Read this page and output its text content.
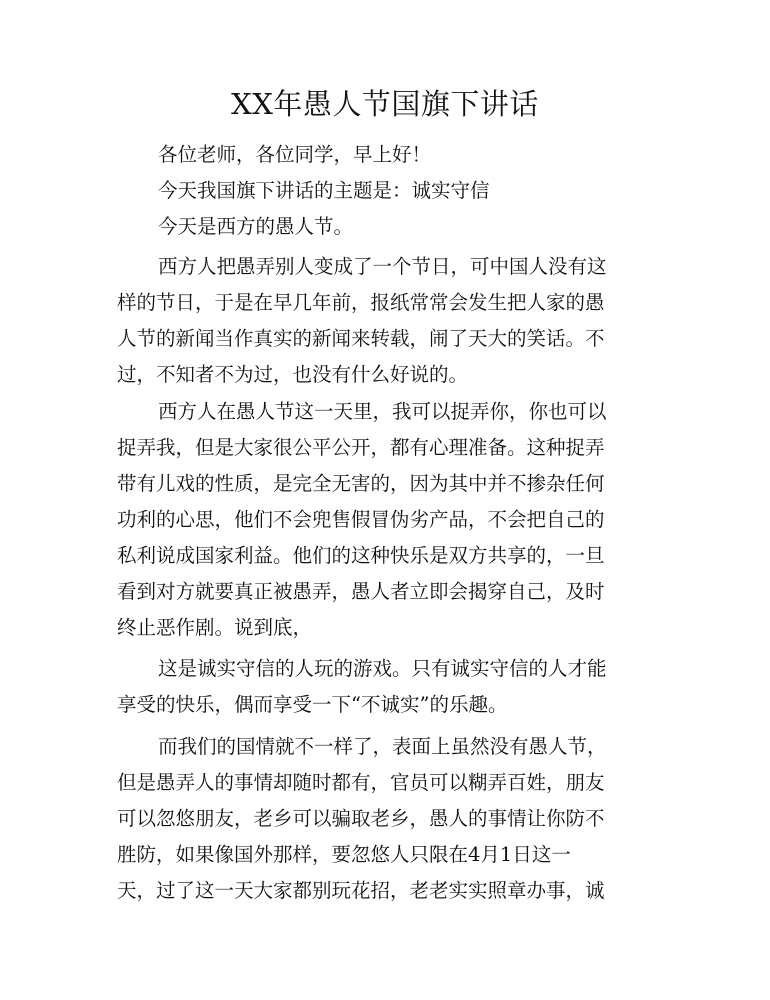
XX年愚人节国旗下讲话

各位老师，各位同学，早上好！

今天我国旗下讲话的主题是：诚实守信

今天是西方的愚人节。

西方人把愚弄别人变成了一个节日，可中国人没有这

样的节日，于是在早几年前，报纸常常会发生把人家的愚

人节的新闻当作真实的新闻来转载，闹了天大的笑话。不

过，不知者不为过，也没有什么好说的。

西方人在愚人节这一天里，我可以捉弄你，你也可以

捉弄我，但是大家很公平公开，都有心理准备。这种捉弄

带有儿戏的性质，是完全无害的，因为其中并不掺杂任何

功利的心思，他们不会兜售假冒伪劣产品，不会把自己的

私利说成国家利益。他们的这种快乐是双方共享的，一旦

看到对方就要真正被愚弄，愚人者立即会揭穿自己，及时

终止恶作剧。说到底，

这是诚实守信的人玩的游戏。只有诚实守信的人才能

享受的快乐，偶而享受一下“不诚实”的乐趣。

而我们的国情就不一样了，表面上虽然没有愚人节，

但是愚弄人的事情却随时都有，官员可以糊弄百姓，朋友

可以忽悠朋友，老乡可以骗取老乡，愚人的事情让你防不

胜防，如果像国外那样，要忽悠人只限在4月1日这一

天，过了这一天大家都别玩花招，老老实实照章办事，诚
